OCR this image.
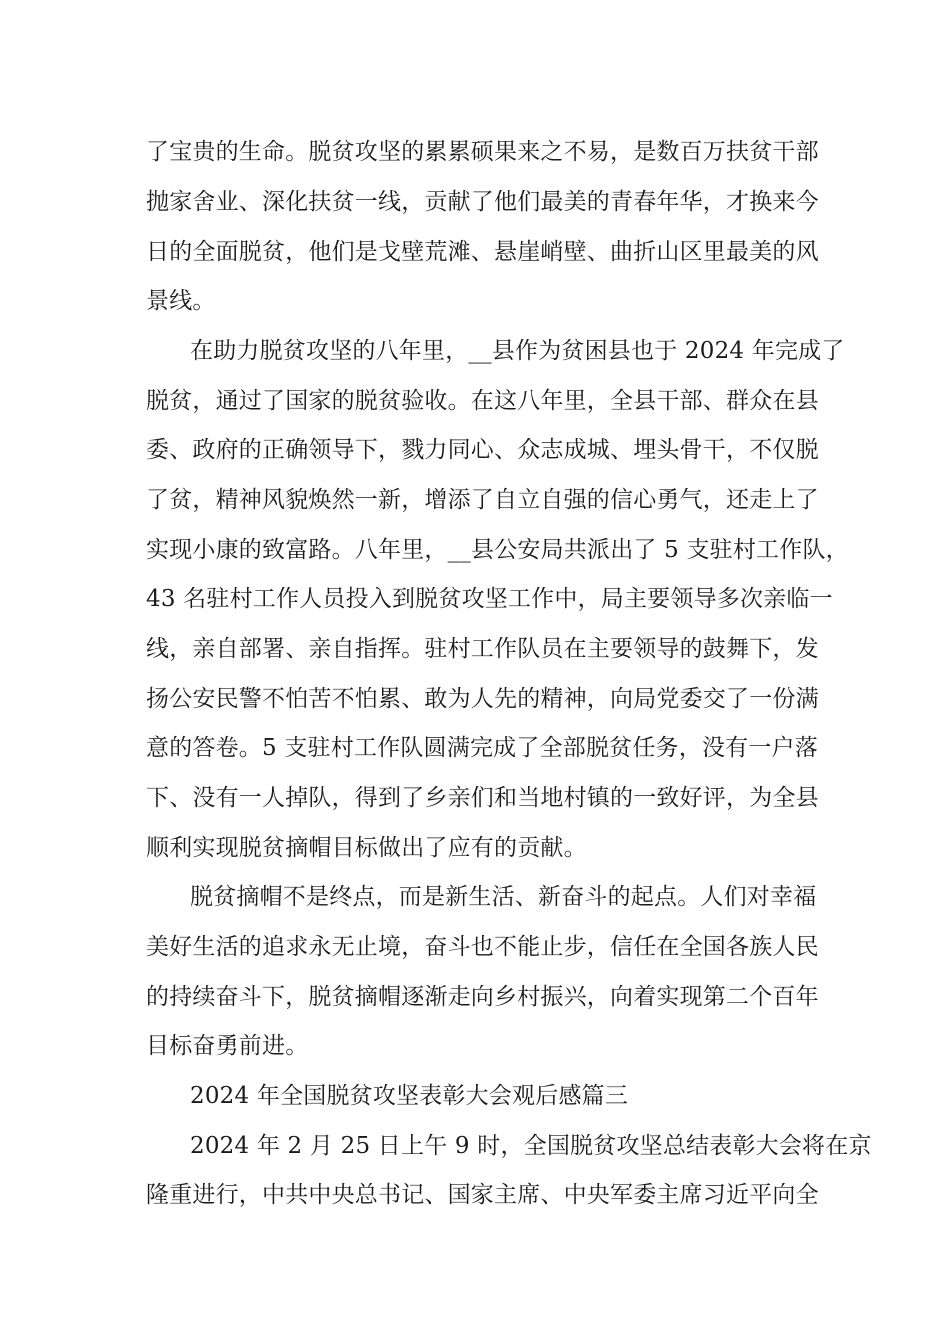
了宝贵的生命。脱贫攻坚的累累硕果来之不易，是数百万扶贫干部

抛家舍业、深化扶贫一线，贡献了他们最美的青春年华，才换来今

日的全面脱贫，他们是戈壁荒滩、悬崖峭壁、曲折山区里最美的风

景线。

在助力脱贫攻坚的八年里，__县作为贫困县也于 2024 年完成了

脱贫，通过了国家的脱贫验收。在这八年里，全县干部、群众在县

委、政府的正确领导下，戮力同心、众志成城、埋头骨干，不仅脱

了贫，精神风貌焕然一新，增添了自立自强的信心勇气，还走上了

实现小康的致富路。八年里，__县公安局共派出了 5 支驻村工作队，

43 名驻村工作人员投入到脱贫攻坚工作中，局主要领导多次亲临一

线，亲自部署、亲自指挥。驻村工作队员在主要领导的鼓舞下，发

扬公安民警不怕苦不怕累、敢为人先的精神，向局党委交了一份满

意的答卷。5 支驻村工作队圆满完成了全部脱贫任务，没有一户落

下、没有一人掉队，得到了乡亲们和当地村镇的一致好评，为全县

顺利实现脱贫摘帽目标做出了应有的贡献。

脱贫摘帽不是终点，而是新生活、新奋斗的起点。人们对幸福

美好生活的追求永无止境，奋斗也不能止步，信任在全国各族人民

的持续奋斗下，脱贫摘帽逐渐走向乡村振兴，向着实现第二个百年

目标奋勇前进。

2024 年全国脱贫攻坚表彰大会观后感篇三

2024 年 2 月 25 日上午 9 时，全国脱贫攻坚总结表彰大会将在京

隆重进行，中共中央总书记、国家主席、中央军委主席习近平向全
